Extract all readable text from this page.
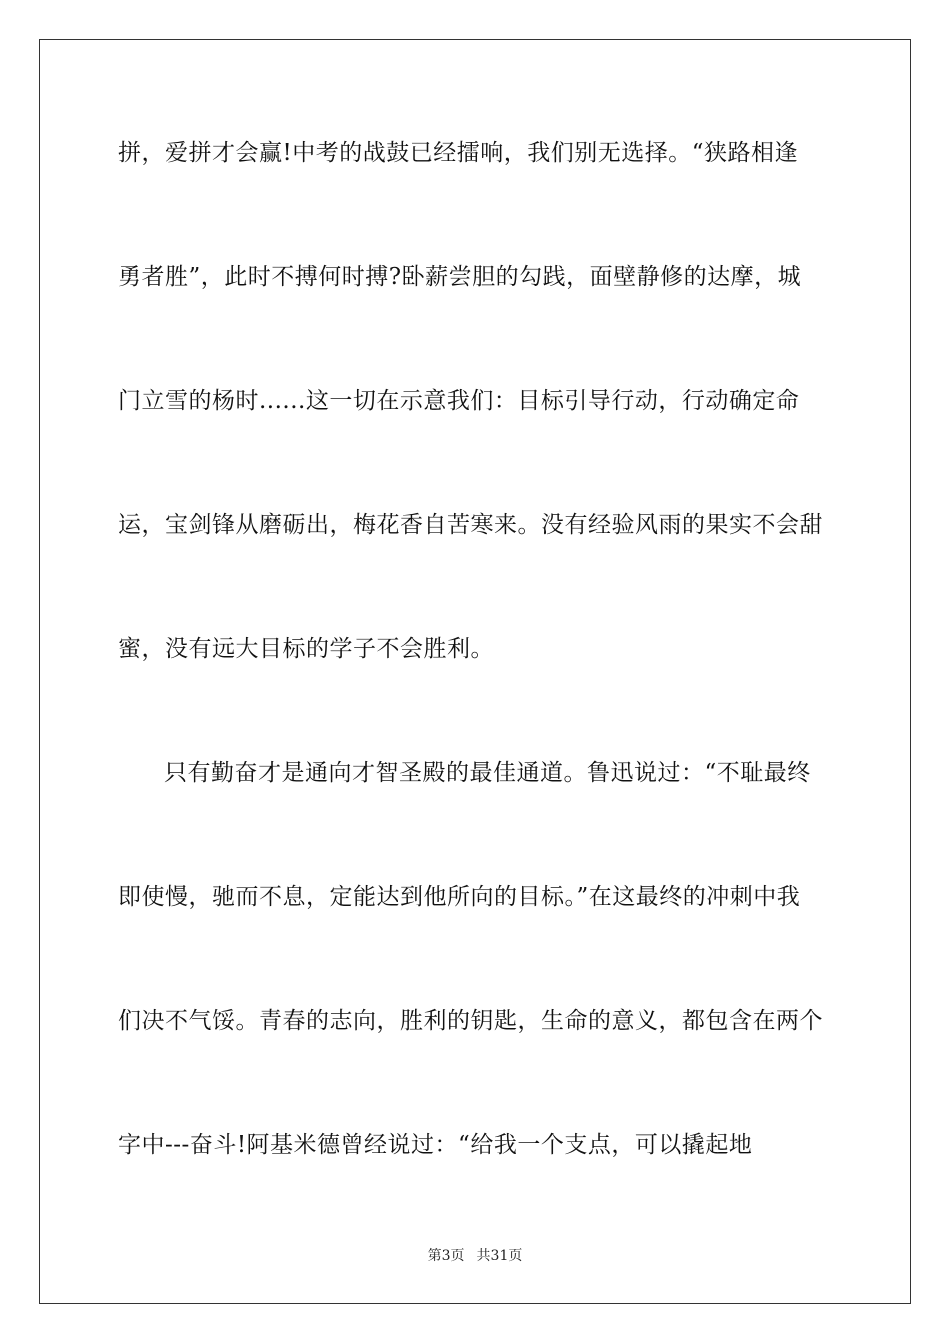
拼，爱拼才会赢!中考的战鼓已经擂响，我们别无选择。“狭路相逢
勇者胜”，此时不搏何时搏?卧薪尝胆的勾践，面壁静修的达摩，城
门立雪的杨时......这一切在示意我们：目标引导行动，行动确定命
运，宝剑锋从磨砺出，梅花香自苦寒来。没有经验风雨的果实不会甜
蜜，没有远大目标的学子不会胜利。
只有勤奋才是通向才智圣殿的最佳通道。鲁迅说过：“不耻最终
即使慢，驰而不息，定能达到他所向的目标。”在这最终的冲刺中我
们决不气馁。青春的志向，胜利的钥匙，生命的意义，都包含在两个
字中---奋斗!阿基米德曾经说过：“给我一个支点，可以撬起地
第3页 共31页
